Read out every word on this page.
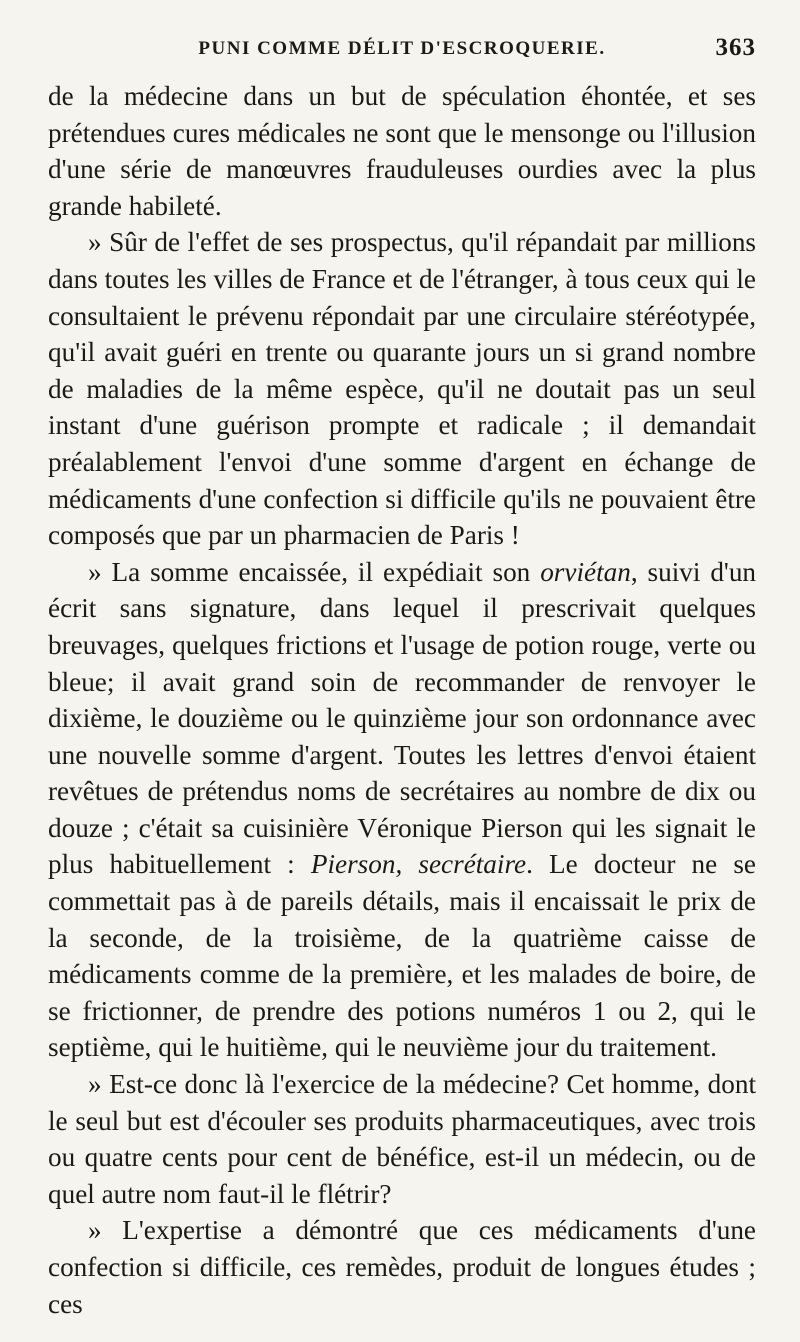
PUNI COMME DÉLIT D'ESCROQUERIE.	363

de la médecine dans un but de spéculation éhontée, et ses prétendues cures médicales ne sont que le mensonge ou l'illusion d'une série de manœuvres frauduleuses ourdies avec la plus grande habileté.

» Sûr de l'effet de ses prospectus, qu'il répandait par millions dans toutes les villes de France et de l'étranger, à tous ceux qui le consultaient le prévenu répondait par une circulaire stéréotypée, qu'il avait guéri en trente ou quarante jours un si grand nombre de maladies de la même espèce, qu'il ne doutait pas un seul instant d'une guérison prompte et radicale ; il demandait préalablement l'envoi d'une somme d'argent en échange de médicaments d'une confection si difficile qu'ils ne pouvaient être composés que par un pharmacien de Paris !

» La somme encaissée, il expédiait son orviétan, suivi d'un écrit sans signature, dans lequel il prescrivait quelques breuvages, quelques frictions et l'usage de potion rouge, verte ou bleue; il avait grand soin de recommander de renvoyer le dixième, le douzième ou le quinzième jour son ordonnance avec une nouvelle somme d'argent. Toutes les lettres d'envoi étaient revêtues de prétendus noms de secrétaires au nombre de dix ou douze ; c'était sa cuisinière Véronique Pierson qui les signait le plus habituellement : Pierson, secrétaire. Le docteur ne se commettait pas à de pareils détails, mais il encaissait le prix de la seconde, de la troisième, de la quatrième caisse de médicaments comme de la première, et les malades de boire, de se frictionner, de prendre des potions numéros 1 ou 2, qui le septième, qui le huitième, qui le neuvième jour du traitement.

» Est-ce donc là l'exercice de la médecine? Cet homme, dont le seul but est d'écouler ses produits pharmaceutiques, avec trois ou quatre cents pour cent de bénéfice, est-il un médecin, ou de quel autre nom faut-il le flétrir?

» L'expertise a démontré que ces médicaments d'une confection si difficile, ces remèdes, produit de longues études ; ces
